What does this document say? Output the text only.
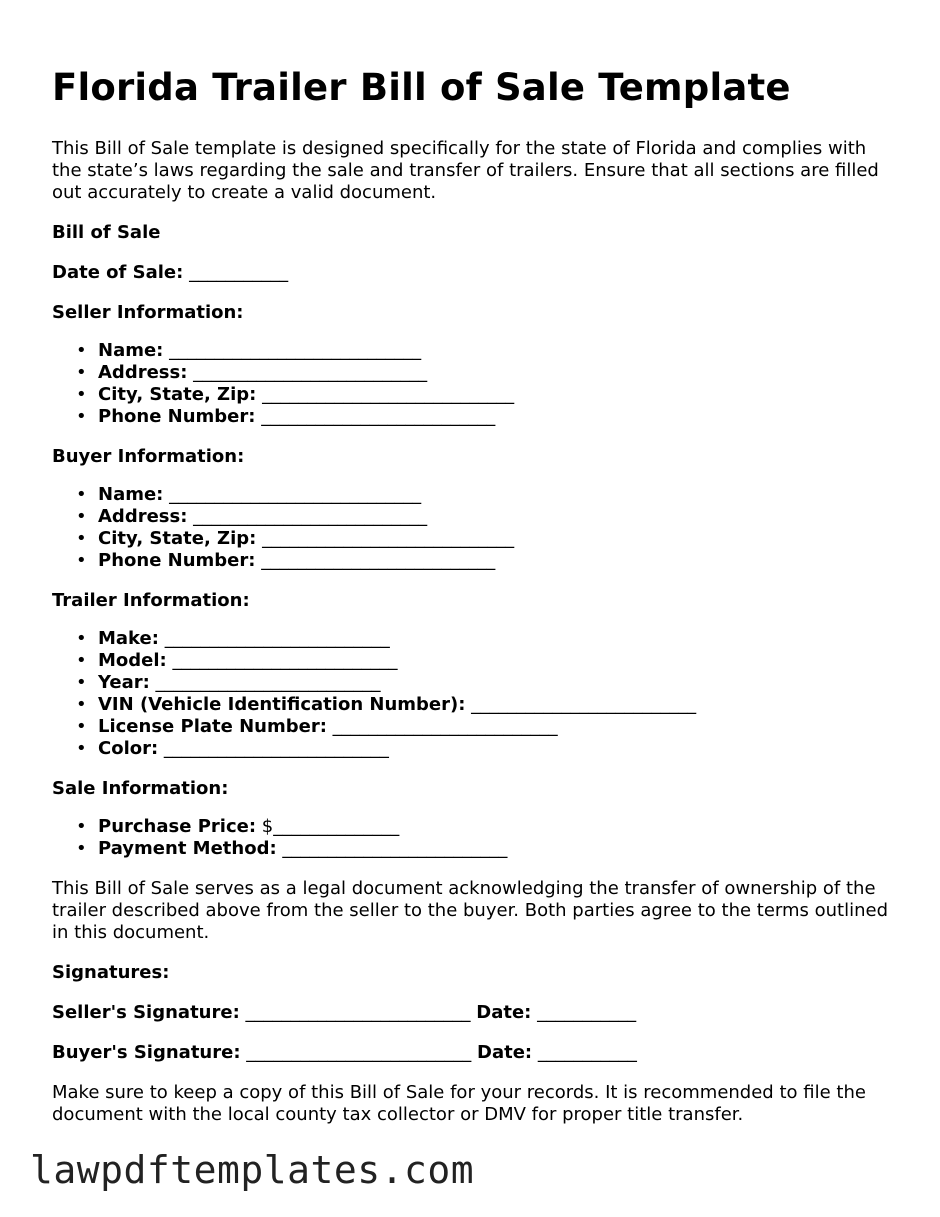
Florida Trailer Bill of Sale Template

This Bill of Sale template is designed specifically for the state of Florida and complies with the state’s laws regarding the sale and transfer of trailers. Ensure that all sections are filled out accurately to create a valid document.

Bill of Sale

Date of Sale: ___________

Seller Information:

• Name: ____________________________
• Address: __________________________
• City, State, Zip: ____________________________
• Phone Number: __________________________

Buyer Information:

• Name: ____________________________
• Address: __________________________
• City, State, Zip: ____________________________
• Phone Number: __________________________

Trailer Information:

• Make: _________________________
• Model: _________________________
• Year: _________________________
• VIN (Vehicle Identification Number): _________________________
• License Plate Number: _________________________
• Color: _________________________

Sale Information:

• Purchase Price: $______________
• Payment Method: _________________________

This Bill of Sale serves as a legal document acknowledging the transfer of ownership of the trailer described above from the seller to the buyer. Both parties agree to the terms outlined in this document.

Signatures:

Seller's Signature: _________________________ Date: ___________

Buyer's Signature: _________________________ Date: ___________

Make sure to keep a copy of this Bill of Sale for your records. It is recommended to file the document with the local county tax collector or DMV for proper title transfer.

lawpdftemplates.com
